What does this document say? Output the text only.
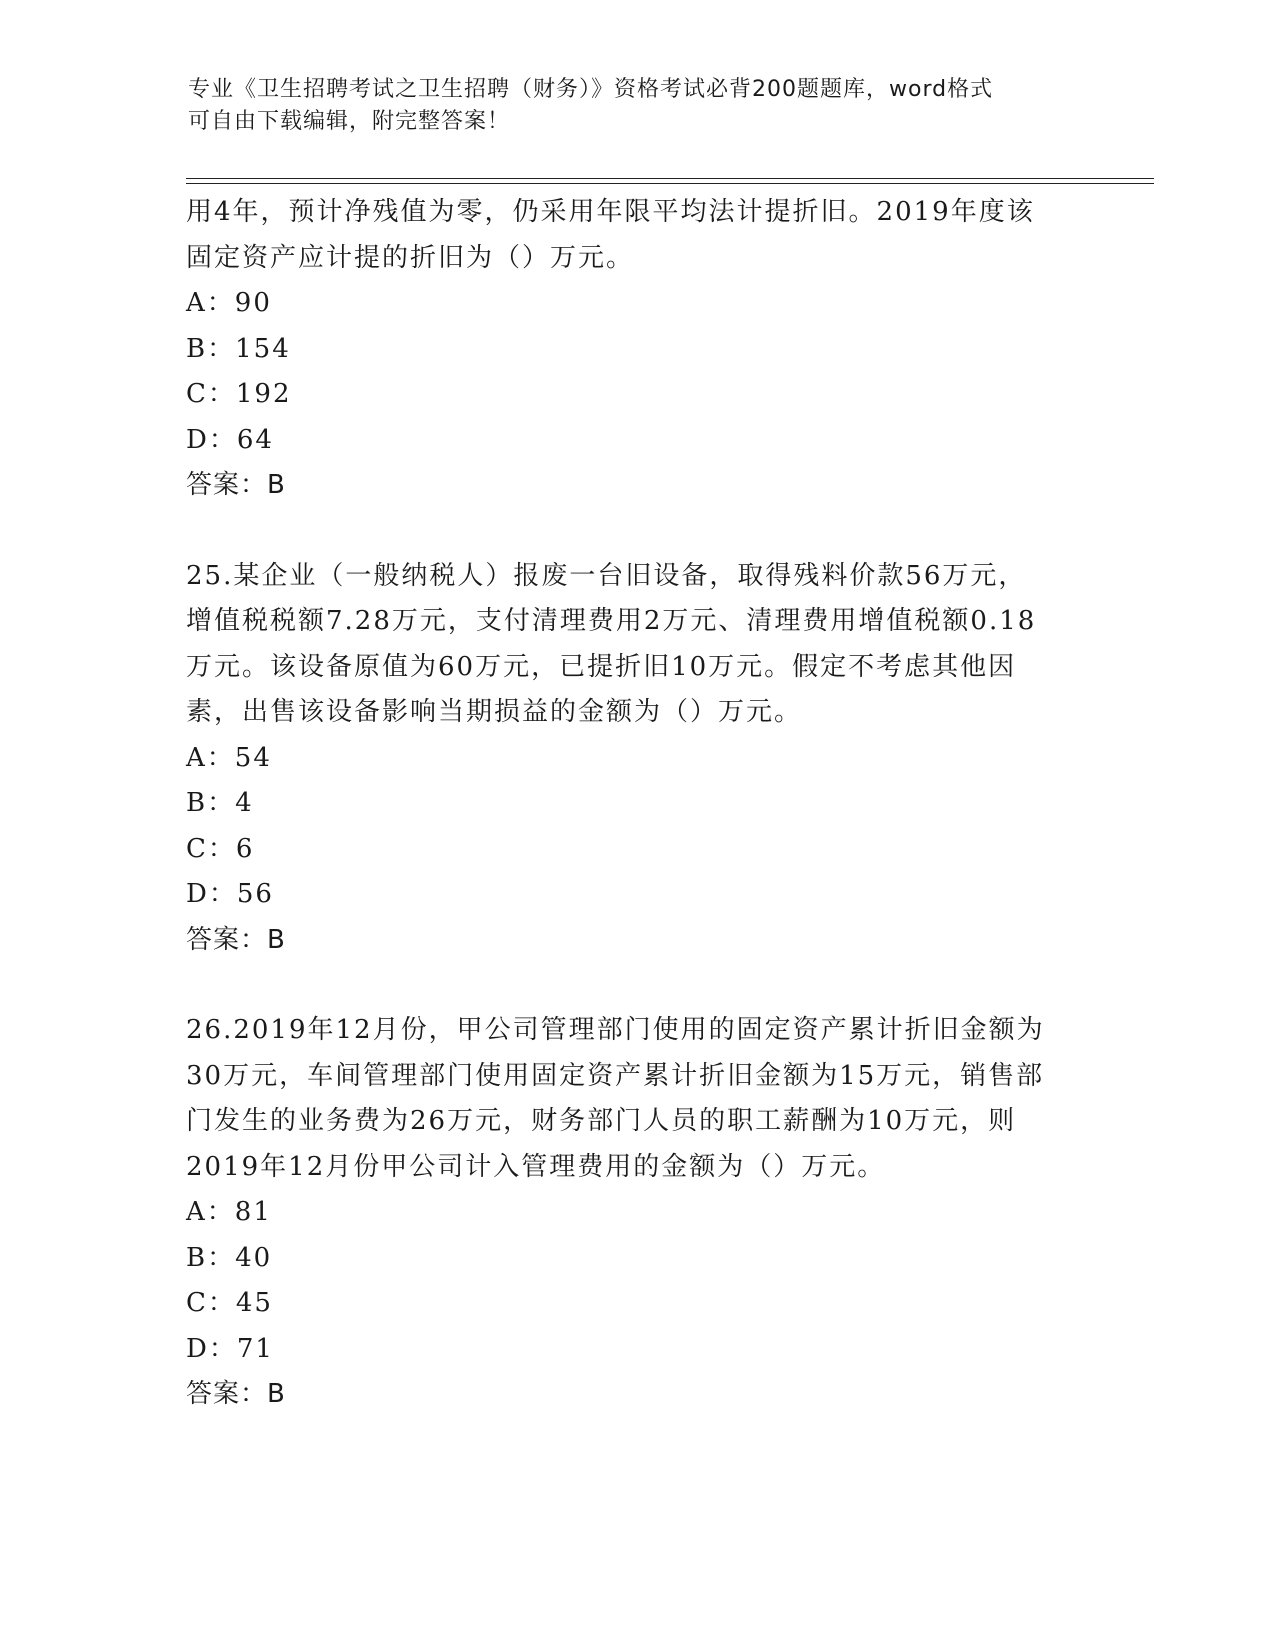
专业《卫生招聘考试之卫生招聘（财务）》资格考试必背200题题库，word格式
可自由下载编辑，附完整答案！
用4年，预计净残值为零，仍采用年限平均法计提折旧。2019年度该
固定资产应计提的折旧为（）万元。
A：90
B：154
C：192
D：64
答案：B
25.某企业（一般纳税人）报废一台旧设备，取得残料价款56万元，
增值税税额7.28万元，支付清理费用2万元、清理费用增值税额0.18
万元。该设备原值为60万元，已提折旧10万元。假定不考虑其他因
素，出售该设备影响当期损益的金额为（）万元。
A：54
B：4
C：6
D：56
答案：B
26.2019年12月份，甲公司管理部门使用的固定资产累计折旧金额为
30万元，车间管理部门使用固定资产累计折旧金额为15万元，销售部
门发生的业务费为26万元，财务部门人员的职工薪酬为10万元，则
2019年12月份甲公司计入管理费用的金额为（）万元。
A：81
B：40
C：45
D：71
答案：B
